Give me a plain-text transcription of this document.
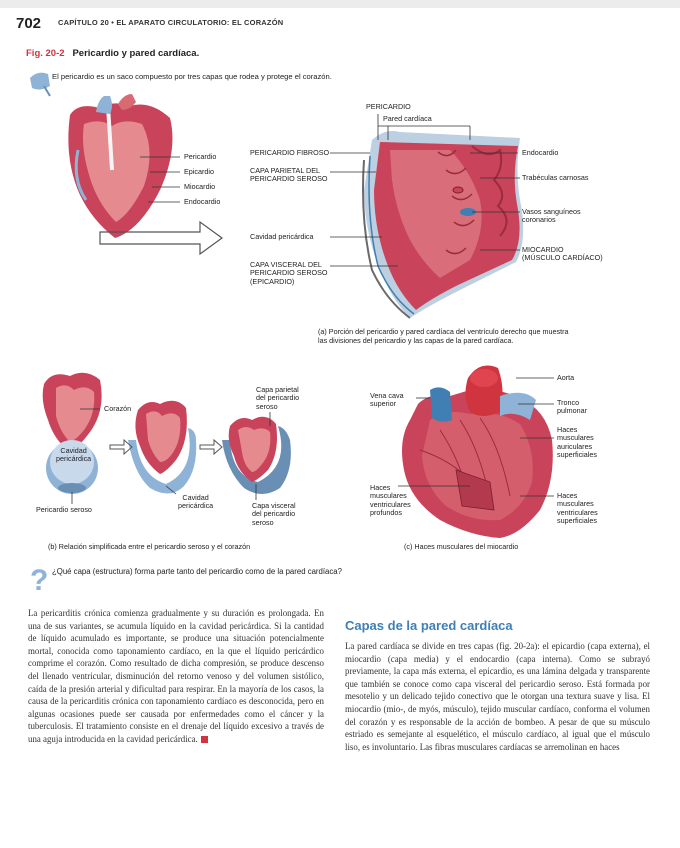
702 CAPÍTULO 20 • EL APARATO CIRCULATORIO: EL CORAZÓN
Fig. 20-2 Pericardio y pared cardíaca.
?
El pericardio es un saco compuesto por tres capas que rodea y protege el corazón.
Pericardio
Epicardio
Miocardio
Endocardio
PERICARDIO
Pared cardíaca
PERICARDIO FIBROSO
CAPA PARIETAL DEL
PERICARDIO SEROSO
Cavidad pericárdica
CAPA VISCERAL DEL
PERICARDIO SEROSO
(EPICARDIO)
Endocardio
Trabéculas carnosas
Vasos sanguíneos
coronarios
MIOCARDIO
(MÚSCULO CARDÍACO)
(a) Porción del pericardio y pared cardíaca del ventrículo derecho que muestra
las divisiones del pericardio y las capas de la pared cardíaca.
Corazón
Cavidad
pericárdica
Pericardio seroso
Cavidad
pericárdica
Capa parietal
del pericardio
seroso
Capa visceral
del pericardio
seroso
(b) Relación simplificada entre el pericardio seroso y el corazón
Vena cava
superior
Haces
musculares
ventriculares
profundos
Aorta
Tronco
pulmonar
Haces
musculares
auriculares
superficiales
Haces
musculares
ventriculares
superficiales
(c) Haces musculares del miocardio
¿Qué capa (estructura) forma parte tanto del pericardio como de la pared cardíaca?
La pericarditis crónica comienza gradualmente y su duración es prolongada. En una de sus variantes, se acumula líquido en la cavidad pericárdica. Si la cantidad de líquido acumulado es importante, se produce una situación potencialmente mortal, conocida como taponamiento cardíaco, en la que el líquido pericárdico comprime el corazón. Como resultado de dicha compresión, se produce descenso del llenado ventricular, disminución del retorno venoso y del volumen sistólico, caída de la presión arterial y dificultad para respirar. En la mayoría de los casos, la causa de la pericarditis crónica con taponamiento cardíaco es desconocida, pero en algunas ocasiones puede ser causada por enfermedades como el cáncer y la tuberculosis. El tratamiento consiste en el drenaje del líquido excesivo a través de una aguja introducida en la cavidad pericárdica.
Capas de la pared cardíaca
La pared cardíaca se divide en tres capas (fig. 20-2a): el epicardio (capa externa), el miocardio (capa media) y el endocardio (capa interna). Como se subrayó previamente, la capa más externa, el epicardio, es una lámina delgada y transparente que también se conoce como capa visceral del pericardio seroso. Está formada por mesotelio y un delicado tejido conectivo que le otorgan una textura suave y lisa. El miocardio (mio-, de myós, músculo), tejido muscular cardíaco, conforma el volumen del corazón y es responsable de la acción de bombeo. A pesar de que su músculo estriado es semejante al esquelético, el músculo cardíaco, al igual que el músculo liso, es involuntario. Las fibras musculares cardíacas se arremolinan en haces
